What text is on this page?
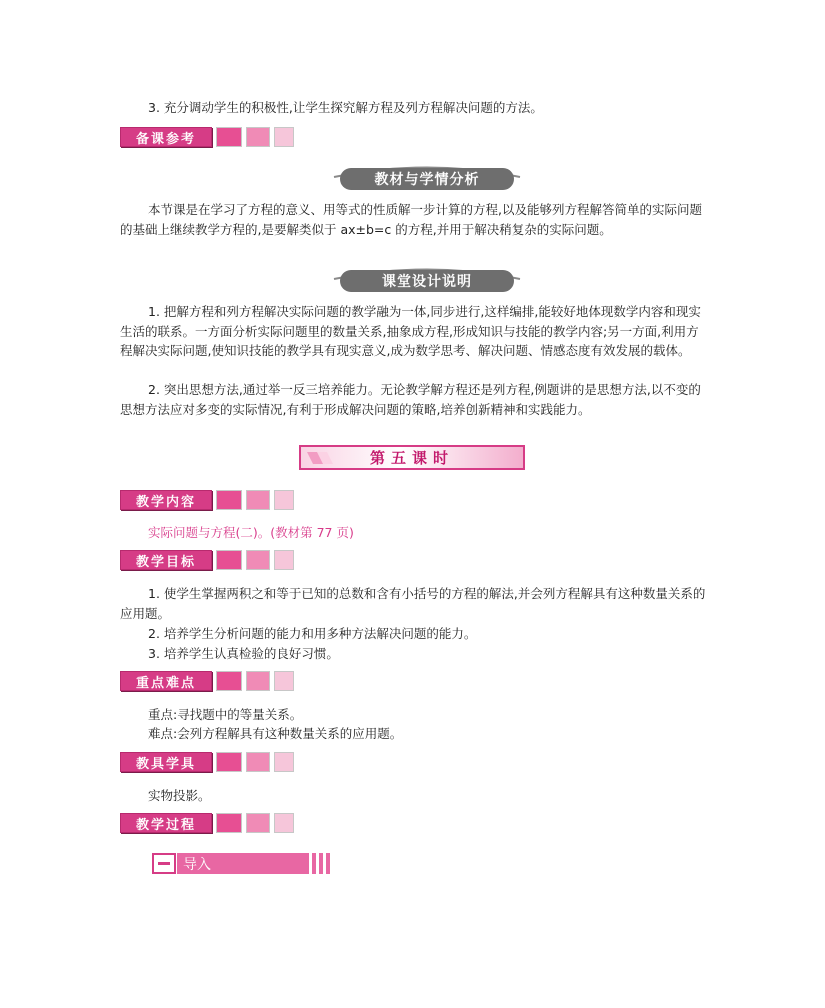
3. 充分调动学生的积极性,让学生探究解方程及列方程解决问题的方法。
备课参考
教材与学情分析
本节课是在学习了方程的意义、用等式的性质解一步计算的方程,以及能够列方程解答简单的实际问题的基础上继续教学方程的,是要解类似于 ax±b=c 的方程,并用于解决稍复杂的实际问题。
课堂设计说明
1. 把解方程和列方程解决实际问题的教学融为一体,同步进行,这样编排,能较好地体现数学内容和现实生活的联系。一方面分析实际问题里的数量关系,抽象成方程,形成知识与技能的教学内容;另一方面,利用方程解决实际问题,使知识技能的教学具有现实意义,成为数学思考、解决问题、情感态度有效发展的载体。
2. 突出思想方法,通过举一反三培养能力。无论教学解方程还是列方程,例题讲的是思想方法,以不变的思想方法应对多变的实际情况,有利于形成解决问题的策略,培养创新精神和实践能力。
第五课时
教学内容
实际问题与方程(二)。(教材第 77 页)
教学目标
1. 使学生掌握两积之和等于已知的总数和含有小括号的方程的解法,并会列方程解具有这种数量关系的应用题。
2. 培养学生分析问题的能力和用多种方法解决问题的能力。
3. 培养学生认真检验的良好习惯。
重点难点
重点:寻找题中的等量关系。
难点:会列方程解具有这种数量关系的应用题。
教具学具
实物投影。
教学过程
导入
